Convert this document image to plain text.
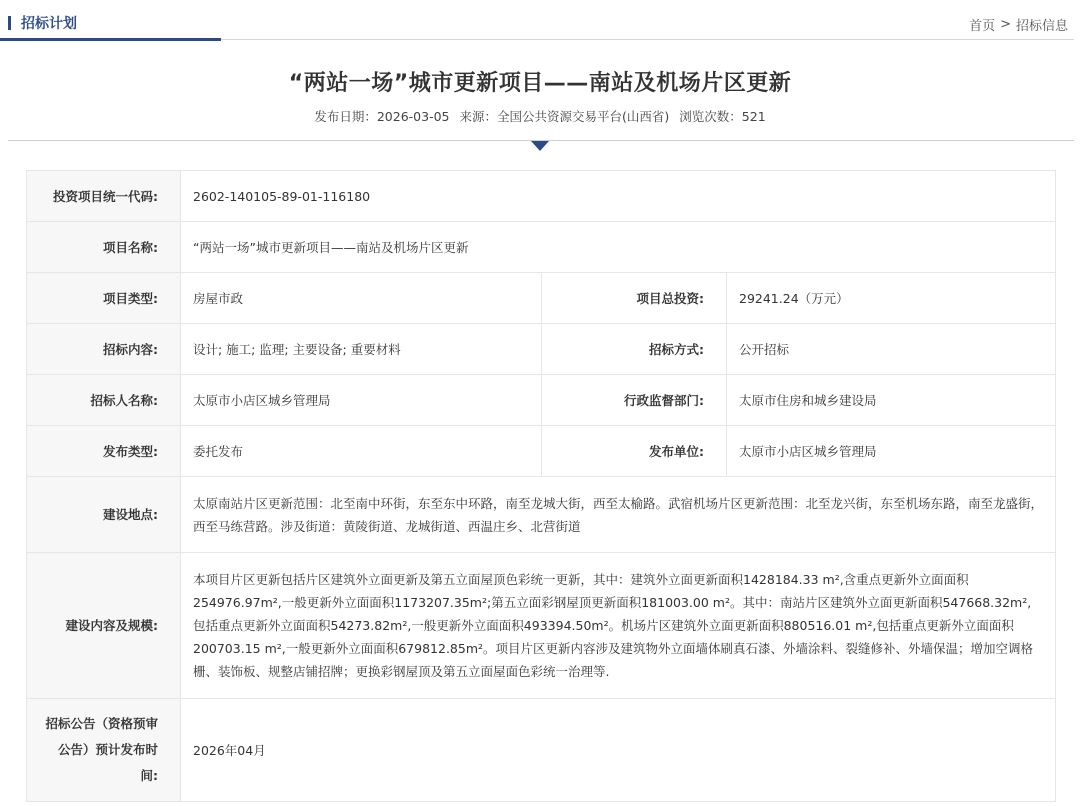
招标计划	首页 > 招标信息
“两站一场”城市更新项目——南站及机场片区更新
发布日期：2026-03-05 来源：全国公共资源交易平台(山西省) 浏览次数：521
投资项目统一代码:	2602-140105-89-01-116180		
项目名称:	“两站一场”城市更新项目——南站及机场片区更新		
项目类型:	房屋市政	项目总投资:	29241.24（万元）
招标内容:	设计; 施工; 监理; 主要设备; 重要材料	招标方式:	公开招标
招标人名称:	太原市小店区城乡管理局	行政监督部门:	太原市住房和城乡建设局
发布类型:	委托发布	发布单位:	太原市小店区城乡管理局
建设地点:	太原南站片区更新范围：北至南中环街，东至东中环路，南至龙城大街，西至太榆路。武宿机场片区更新范围：北至龙兴街，东至机场东路，南至龙盛街，西至马练营路。涉及街道：黄陵街道、龙城街道、西温庄乡、北营街道		
建设内容及规模:	本项目片区更新包括片区建筑外立面更新及第五立面屋顶色彩统一更新，其中：建筑外立面更新面积1428184.33 m²,含重点更新外立面面积254976.97m²,一般更新外立面面积1173207.35m²;第五立面彩钢屋顶更新面积181003.00 m²。其中：南站片区建筑外立面更新面积547668.32m²,包括重点更新外立面面积54273.82m²,一般更新外立面面积493394.50m²。机场片区建筑外立面更新面积880516.01 m²,包括重点更新外立面面积200703.15 m²,一般更新外立面面积679812.85m²。项目片区更新内容涉及建筑物外立面墙体刷真石漆、外墙涂料、裂缝修补、外墙保温；增加空调格栅、装饰板、规整店铺招牌；更换彩钢屋顶及第五立面屋面色彩统一治理等.		
招标公告（资格预审公告）预计发布时间:	2026年04月		
